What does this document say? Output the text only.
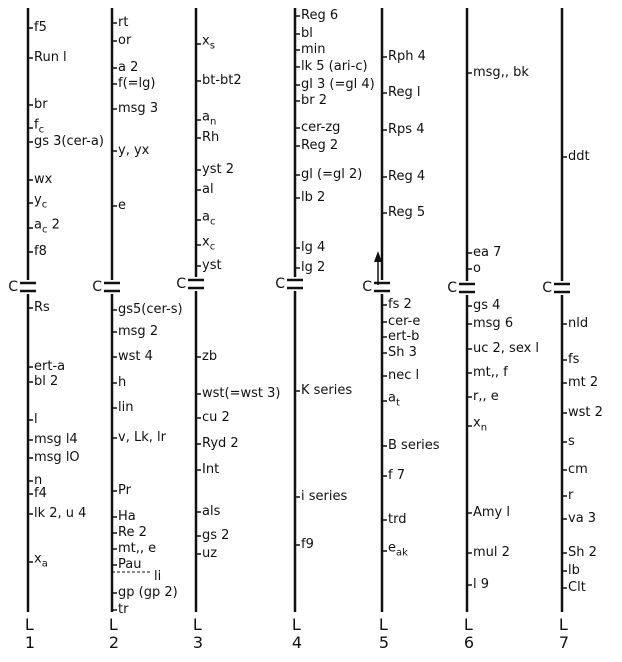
C
L
1
f5
Run l
br
$f_c$
gs 3(cer-a)
wx
$y_c$
$a_c$ 2
f8
Rs
ert-a
bl 2
l
msg l4
msg lO
n
f4
lk 2, u 4
$x_a$
C
L
2
rt
or
a 2
f(=lg)
msg 3
y, yx
e
gs5(cer-s)
msg 2
wst 4
h
lin
v, Lk, lr
Pr
Ha
Re 2
mt,, e
Pau
li
gp (gp 2)
tr
C
L
3
$x_s$
bt-bt2
$a_n$
Rh
yst 2
al
$a_c$
$x_c$
yst
zb
wst(=wst 3)
cu 2
Ryd 2
Int
als
gs 2
uz
C
L
4
Reg 6
bl
min
lk 5 (ari-c)
gl 3 (=gl 4)
br 2
cer-zg
Reg 2
gl (=gl 2)
lb 2
lg 4
lg 2
K series
i series
f9
C
L
5
Rph 4
Reg l
Rps 4
Reg 4
Reg 5
fs 2
cer-e
ert-b
Sh 3
nec l
$a_t$
B series
f 7
trd
$e_{ak}$
C
L
6
msg,, bk
ea 7
o
gs 4
msg 6
uc 2, sex l
mt,, f
r,, e
$x_n$
Amy l
mul 2
l 9
C
L
7
ddt
nld
fs
mt 2
wst 2
s
cm
r
va 3
Sh 2
lb
Clt
